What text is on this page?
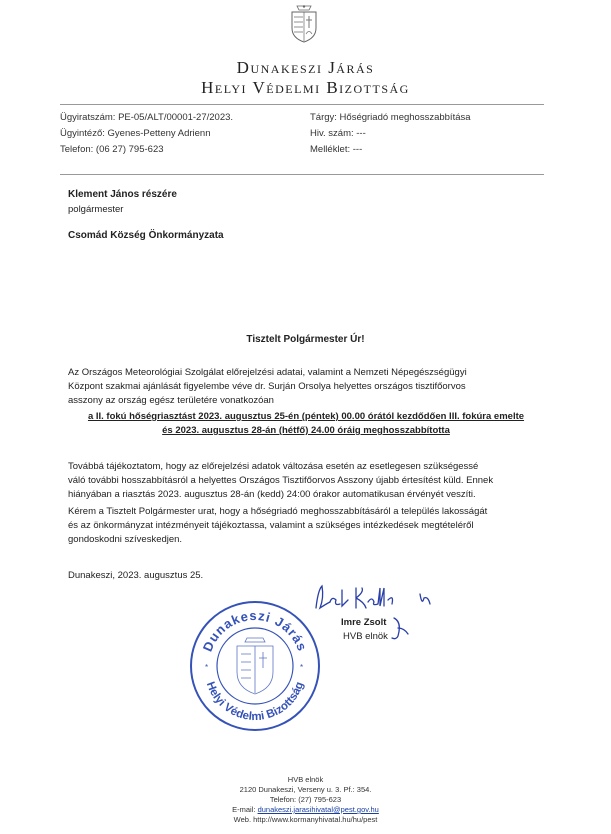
Dunakeszi Járás
Helyi Védelmi Bizottság
Ügyiratszám: PE-05/ALT/00001-27/2023.
Ügyintéző: Gyenes-Petteny Adrienn
Telefon: (06 27) 795-623
Tárgy: Hőségriadó meghosszabbítása
Hiv. szám: ---
Melléklet: ---
Klement János részére
polgármester
Csomád Község Önkormányzata
Tisztelt Polgármester Úr!
Az Országos Meteorológiai Szolgálat előrejelzési adatai, valamint a Nemzeti Népegészségügyi
Központ szakmai ajánlását figyelembe véve dr. Surján Orsolya helyettes országos tisztifőorvos
asszony az ország egész területére vonatkozóan
a II. fokú hőségriasztást 2023. augusztus 25-én (péntek) 00.00 órától kezdődően III. fokúra emelte
és 2023. augusztus 28-án (hétfő) 24.00 óráig meghosszabbította
Továbbá tájékoztatom, hogy az előrejelzési adatok változása esetén az esetlegesen szükségessé
váló további hosszabbításról a helyettes Országos Tisztifőorvos Asszony újabb értesítést küld. Ennek
hiányában a riasztás 2023. augusztus 28-án (kedd) 24:00 órakor automatikusan érvényét veszíti.
Kérem a Tisztelt Polgármester urat, hogy a hőségriadó meghosszabbításáról a település lakosságát
és az önkormányzat intézményeit tájékoztassa, valamint a szükséges intézkedések megtételéről
gondoskodni szíveskedjen.
Dunakeszi, 2023. augusztus 25.
Imre Zsolt
HVB elnök
Dunakeszi Járás
Helyi Védelmi Bizottság
*	*
HVB elnök
2120 Dunakeszi, Verseny u. 3. Pf.: 354.
Telefon: (27) 795-623
E-mail: dunakeszi.jarasihivatal@pest.gov.hu
Web. http://www.kormanyhivatal.hu/hu/pest
